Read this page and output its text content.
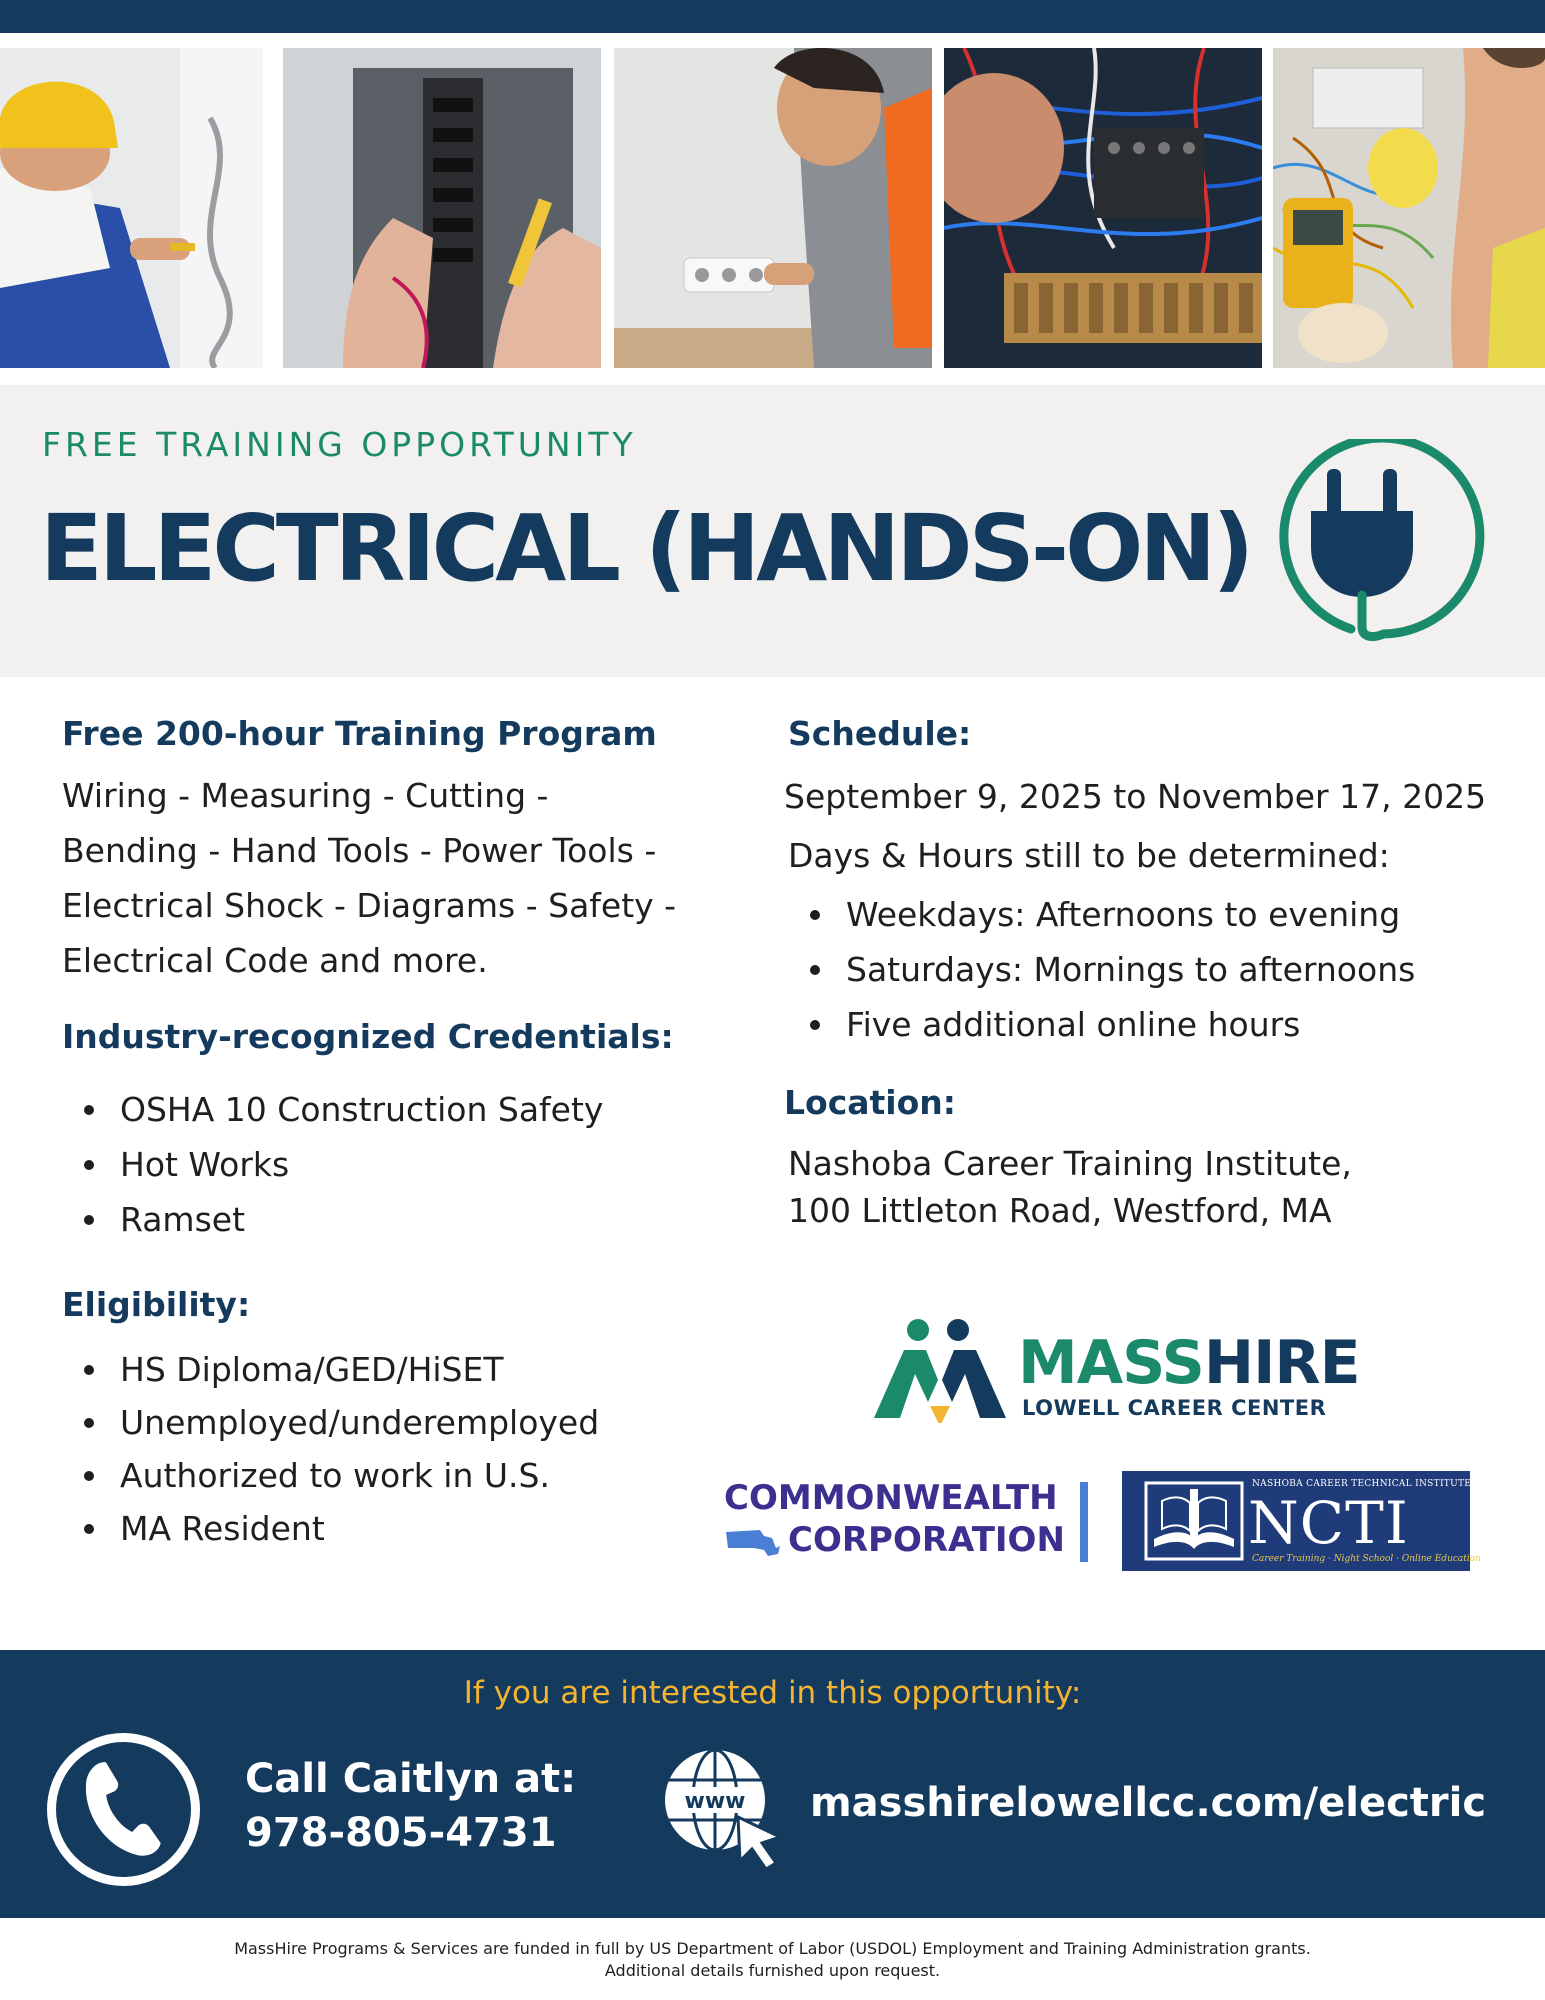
FREE TRAINING OPPORTUNITY
ELECTRICAL (HANDS-ON)
Free 200-hour Training Program
Wiring - Measuring - Cutting -
Bending - Hand Tools - Power Tools -
Electrical Shock - Diagrams - Safety -
Electrical Code and more.
Industry-recognized Credentials:
OSHA 10 Construction Safety
Hot Works
Ramset
Eligibility:
HS Diploma/GED/HiSET
Unemployed/underemployed
Authorized to work in U.S.
MA Resident
Schedule:
September 9, 2025 to November 17, 2025
Days & Hours still to be determined:
Weekdays: Afternoons to evening
Saturdays: Mornings to afternoons
Five additional online hours
Location:
Nashoba Career Training Institute,
100 Littleton Road, Westford, MA
MASSHIRE
LOWELL CAREER CENTER
COMMONWEALTH
CORPORATION
NASHOBA CAREER TECHNICAL INSTITUTE
NCTI
Career Training · Night School · Online Education
If you are interested in this opportunity:
Call Caitlyn at:
978-805-4731
www masshirelowellcc.com/electric
MassHire Programs & Services are funded in full by US Department of Labor (USDOL) Employment and Training Administration grants.
Additional details furnished upon request.
